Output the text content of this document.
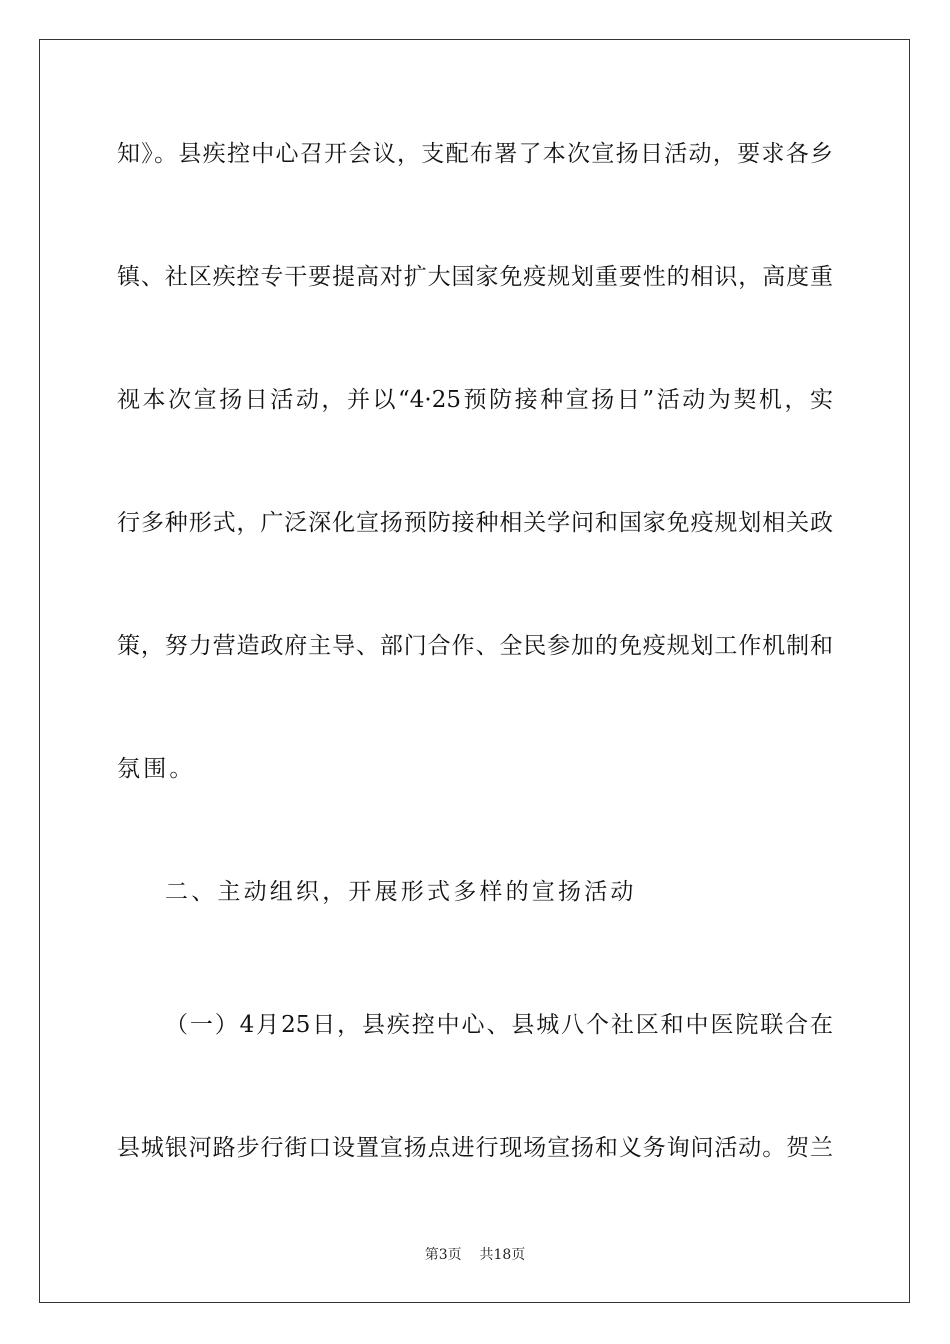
知》。县疾控中心召开会议，支配布署了本次宣扬日活动，要求各乡
镇、社区疾控专干要提高对扩大国家免疫规划重要性的相识，高度重
视本次宣扬日活动，并以“4·25预防接种宣扬日”活动为契机，实
行多种形式，广泛深化宣扬预防接种相关学问和国家免疫规划相关政
策，努力营造政府主导、部门合作、全民参加的免疫规划工作机制和
氛围。
二、主动组织，开展形式多样的宣扬活动
（一）4月25日，县疾控中心、县城八个社区和中医院联合在
县城银河路步行街口设置宣扬点进行现场宣扬和义务询问活动。贺兰
第3页    共18页
